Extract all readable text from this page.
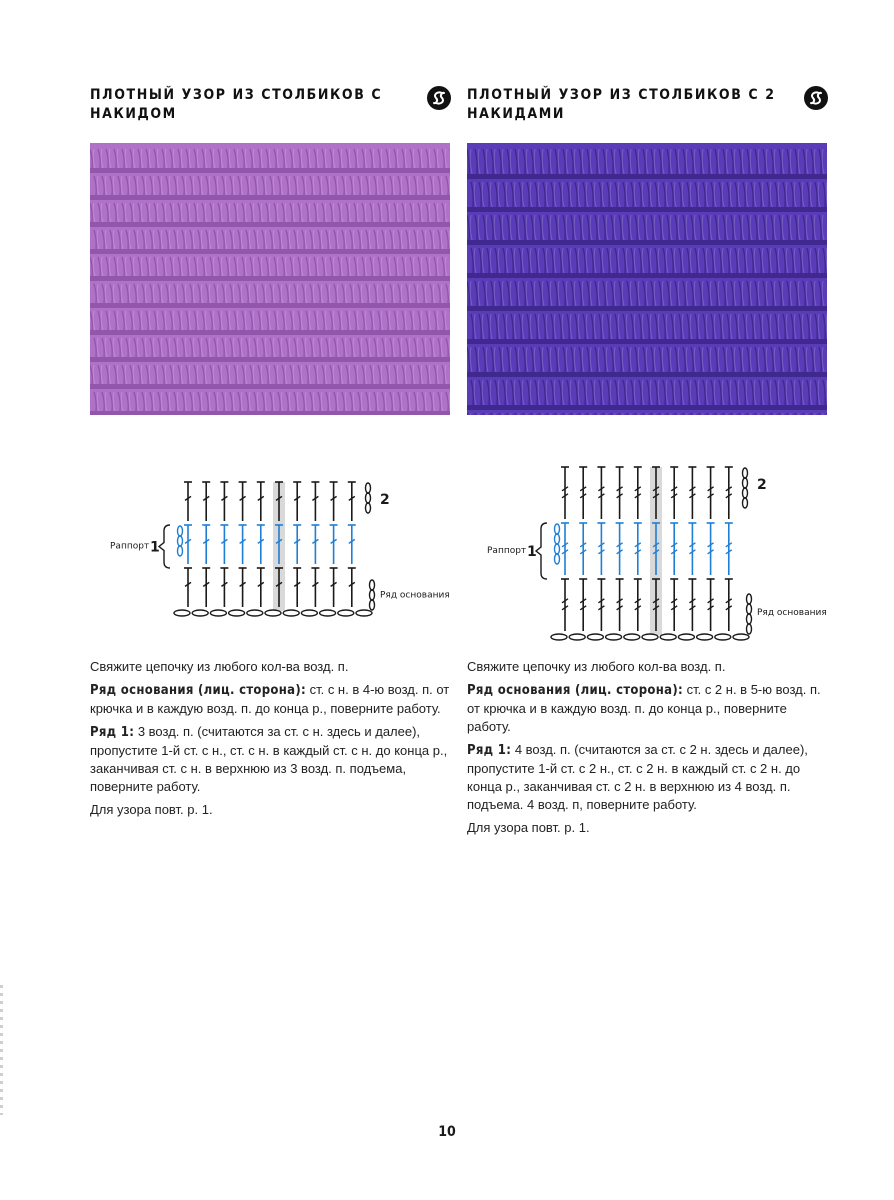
ПЛОТНЫЙ УЗОР ИЗ СТОЛБИКОВ С НАКИДОМ
1
Раппорт
2
Ряд основания

Свяжите цепочку из любого кол-ва возд. п.

Ряд основания (лиц. сторона): ст. с н. в 4-ю возд. п. от крючка и в каждую возд. п. до конца р., поверните работу.

Ряд 1: 3 возд. п. (считаются за ст. с н. здесь и далее), пропустите 1-й ст. с н., ст. с н. в каждый ст. с н. до конца р., заканчивая ст. с н. в верхнюю из 3 возд. п. подъема, поверните работу.

Для узора повт. р. 1.

ПЛОТНЫЙ УЗОР ИЗ СТОЛБИКОВ С 2 НАКИДАМИ
1
Раппорт
2
Ряд основания

Свяжите цепочку из любого кол-ва возд. п.

Ряд основания (лиц. сторона): ст. с 2 н. в 5-ю возд. п. от крючка и в каждую возд. п. до конца р., поверните работу.

Ряд 1: 4 возд. п. (считаются за ст. с 2 н. здесь и далее), пропустите 1-й ст. с 2 н., ст. с 2 н. в каждый ст. с 2 н. до конца р., заканчивая ст. с 2 н. в верхнюю из 4 возд. п. подъема. 4 возд. п, поверните работу.

Для узора повт. р. 1.

10
